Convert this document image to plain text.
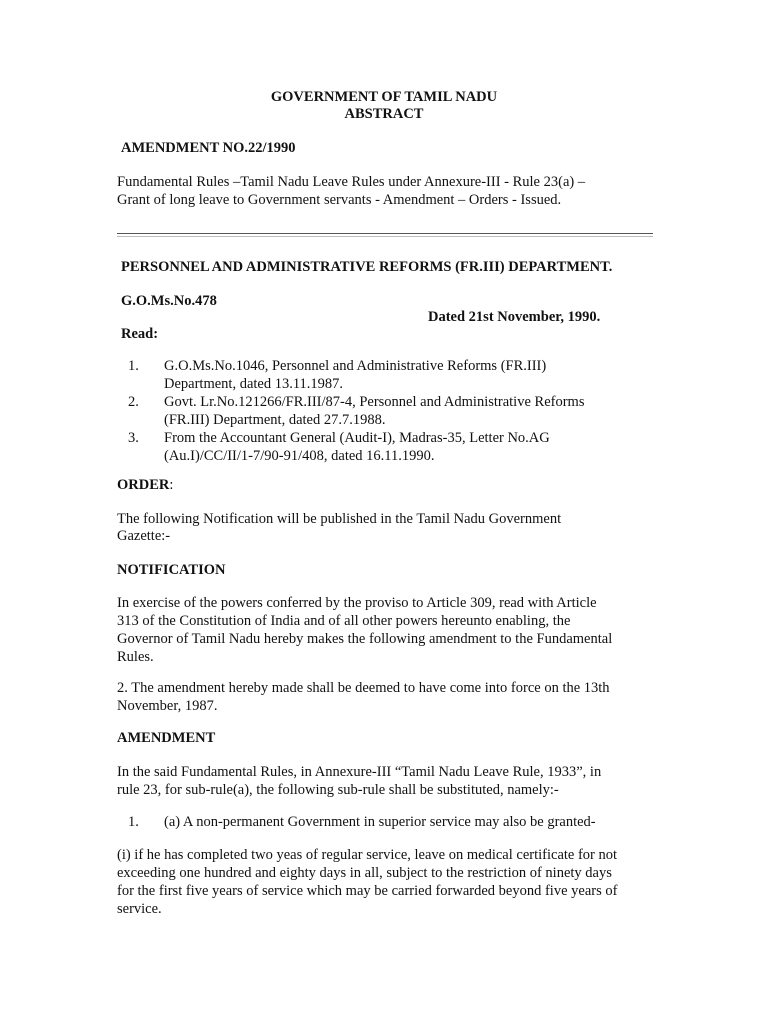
GOVERNMENT OF TAMIL NADU
ABSTRACT
AMENDMENT NO.22/1990
Fundamental Rules –Tamil Nadu Leave Rules under Annexure-III - Rule 23(a) –
Grant of long leave to Government servants - Amendment – Orders - Issued.
PERSONNEL AND ADMINISTRATIVE REFORMS (FR.III) DEPARTMENT.
G.O.Ms.No.478
Dated 21st November, 1990.
Read:
1. G.O.Ms.No.1046, Personnel and Administrative Reforms (FR.III)
Department, dated 13.11.1987.
2. Govt. Lr.No.121266/FR.III/87-4, Personnel and Administrative Reforms
(FR.III) Department, dated 27.7.1988.
3. From the Accountant General (Audit-I), Madras-35, Letter No.AG
(Au.I)/CC/II/1-7/90-91/408, dated 16.11.1990.
ORDER:
The following Notification will be published in the Tamil Nadu Government
Gazette:-
NOTIFICATION
In exercise of the powers conferred by the proviso to Article 309, read with Article
313 of the Constitution of India and of all other powers hereunto enabling, the
Governor of Tamil Nadu hereby makes the following amendment to the Fundamental
Rules.
2. The amendment hereby made shall be deemed to have come into force on the 13th
November, 1987.
AMENDMENT
In the said Fundamental Rules, in Annexure-III “Tamil Nadu Leave Rule, 1933”, in
rule 23, for sub-rule(a), the following sub-rule shall be substituted, namely:-
1. (a) A non-permanent Government in superior service may also be granted-
(i) if he has completed two yeas of regular service, leave on medical certificate for not
exceeding one hundred and eighty days in all, subject to the restriction of ninety days
for the first five years of service which may be carried forwarded beyond five years of
service.
